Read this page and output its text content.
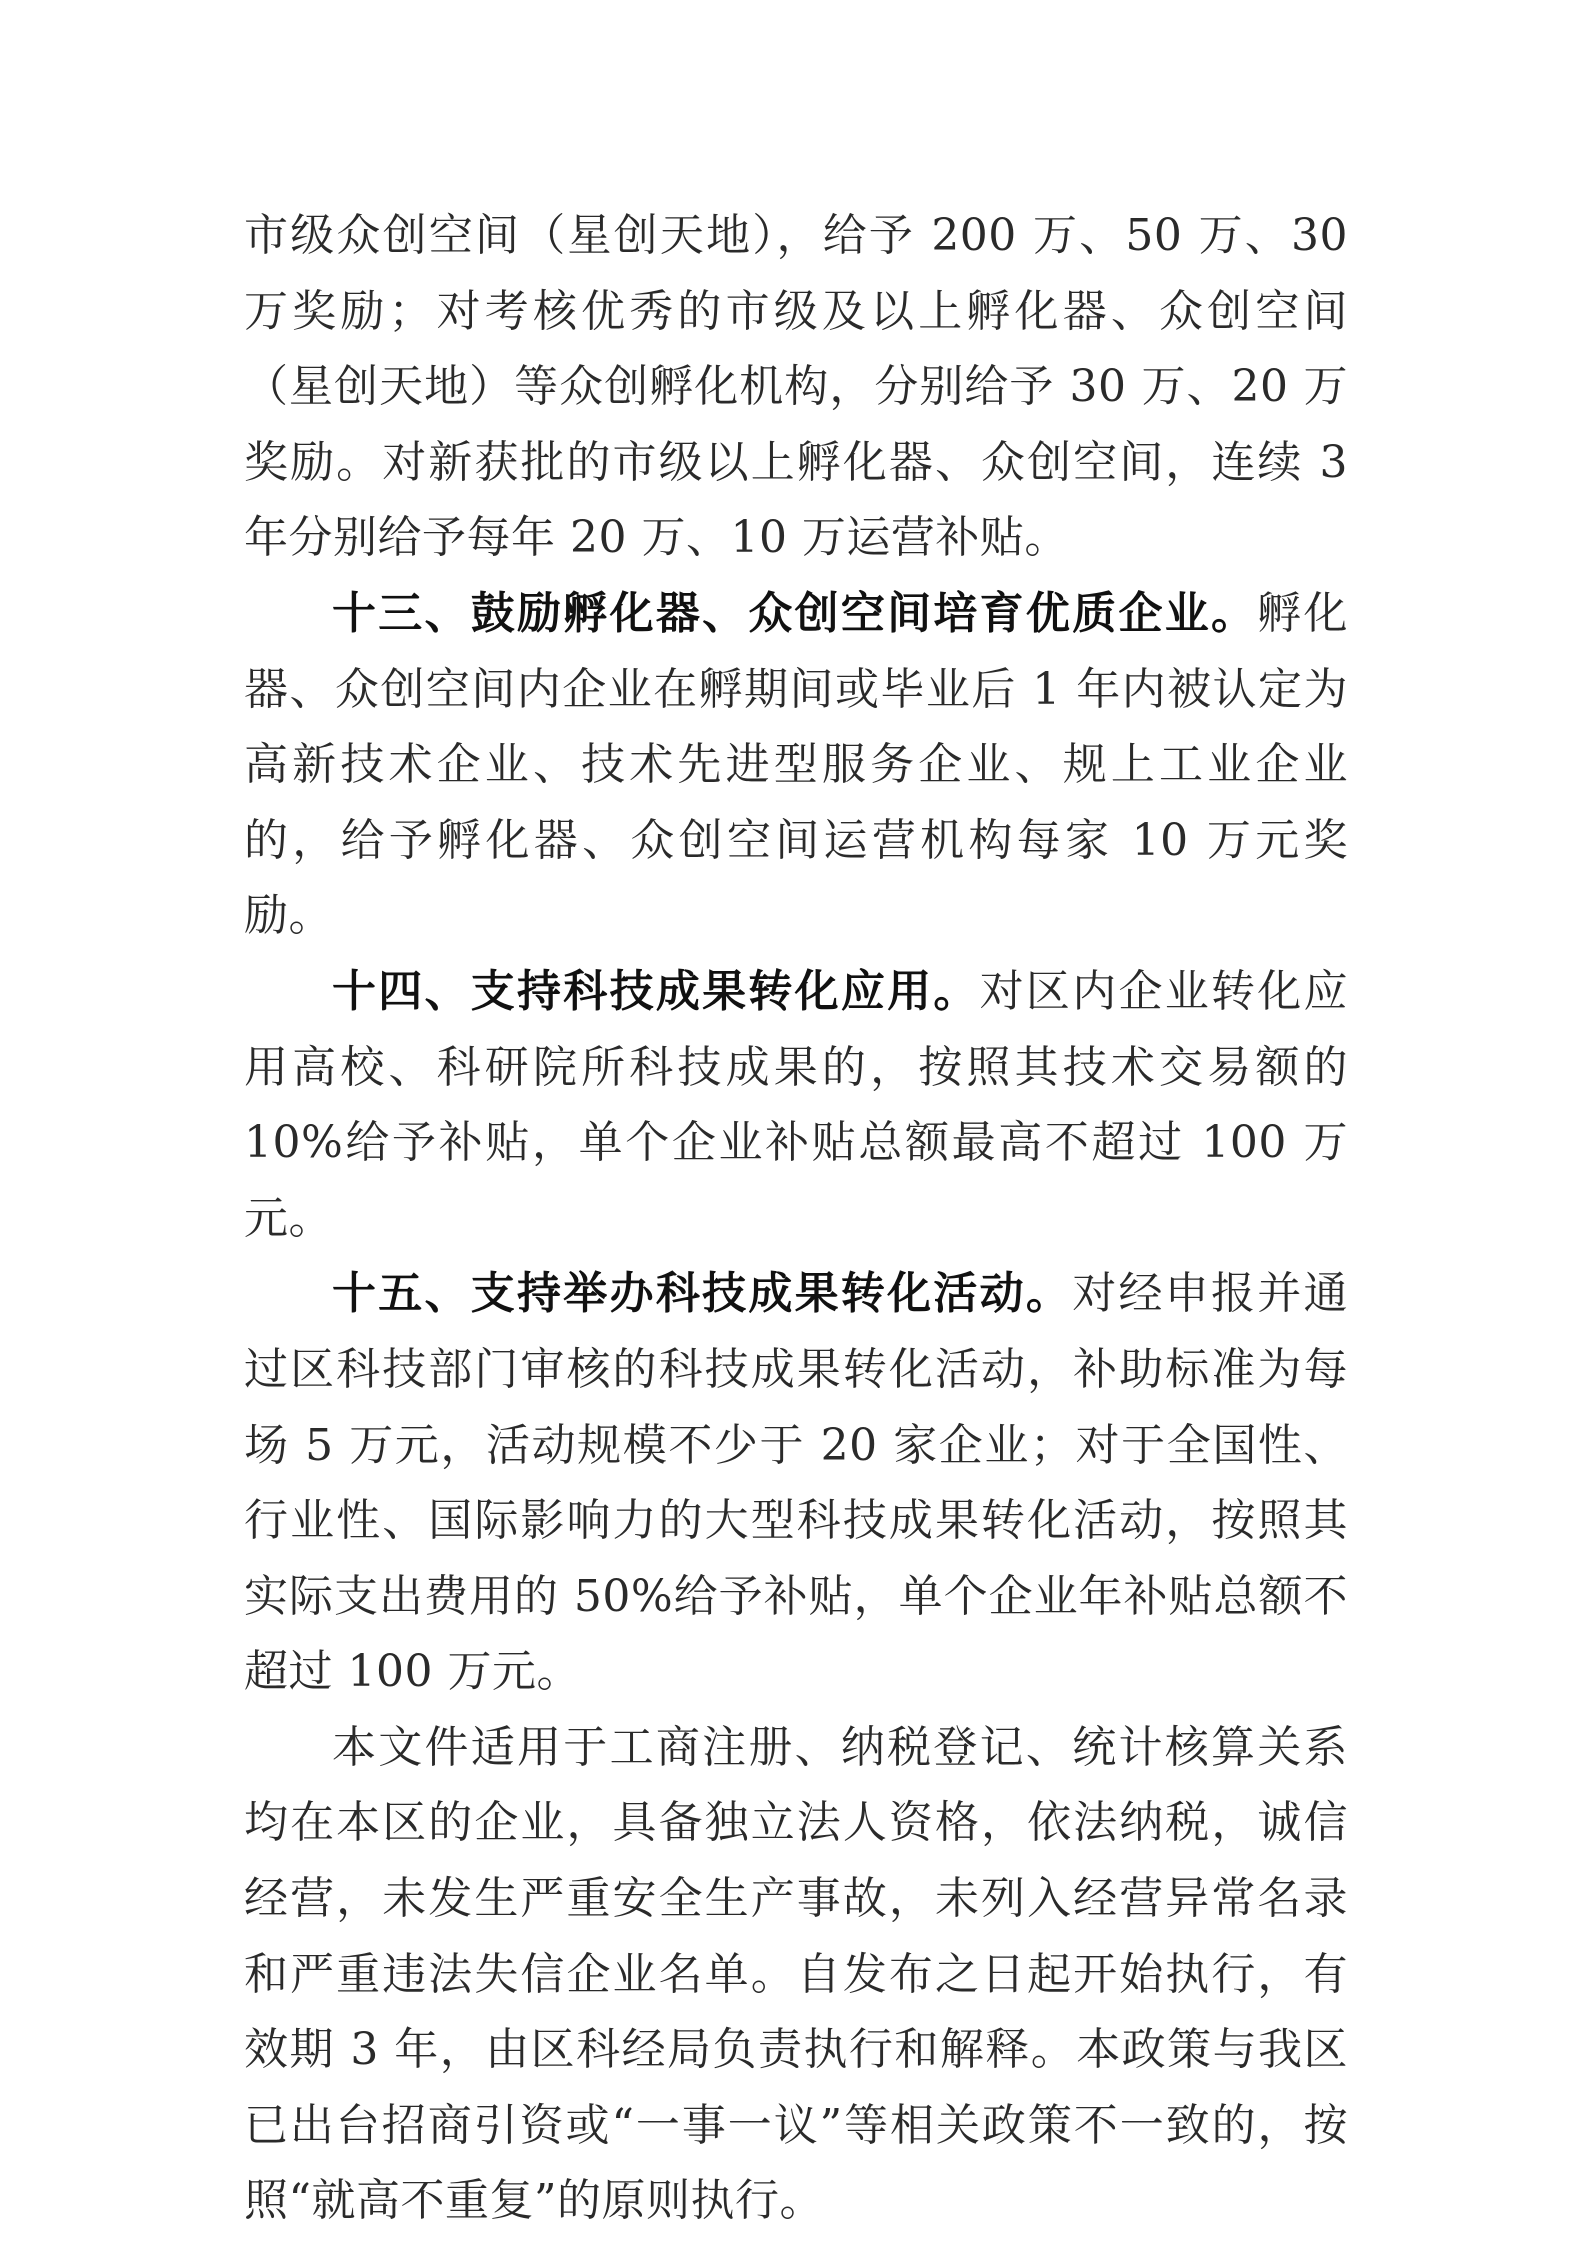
市级众创空间（星创天地），给予 200 万、50 万、30 万奖励；对考核优秀的市级及以上孵化器、众创空间（星创天地）等众创孵化机构，分别给予 30 万、20 万奖励。对新获批的市级以上孵化器、众创空间，连续 3 年分别给予每年 20 万、10 万运营补贴。

十三、鼓励孵化器、众创空间培育优质企业。孵化器、众创空间内企业在孵期间或毕业后 1 年内被认定为高新技术企业、技术先进型服务企业、规上工业企业的，给予孵化器、众创空间运营机构每家 10 万元奖励。

十四、支持科技成果转化应用。对区内企业转化应用高校、科研院所科技成果的，按照其技术交易额的 10%给予补贴，单个企业补贴总额最高不超过 100 万元。

十五、支持举办科技成果转化活动。对经申报并通过区科技部门审核的科技成果转化活动，补助标准为每场 5 万元，活动规模不少于 20 家企业；对于全国性、行业性、国际影响力的大型科技成果转化活动，按照其实际支出费用的 50%给予补贴，单个企业年补贴总额不超过 100 万元。

本文件适用于工商注册、纳税登记、统计核算关系均在本区的企业，具备独立法人资格，依法纳税，诚信经营，未发生严重安全生产事故，未列入经营异常名录和严重违法失信企业名单。自发布之日起开始执行，有效期 3 年，由区科经局负责执行和解释。本政策与我区已出台招商引资或“一事一议”等相关政策不一致的，按照“就高不重复”的原则执行。
